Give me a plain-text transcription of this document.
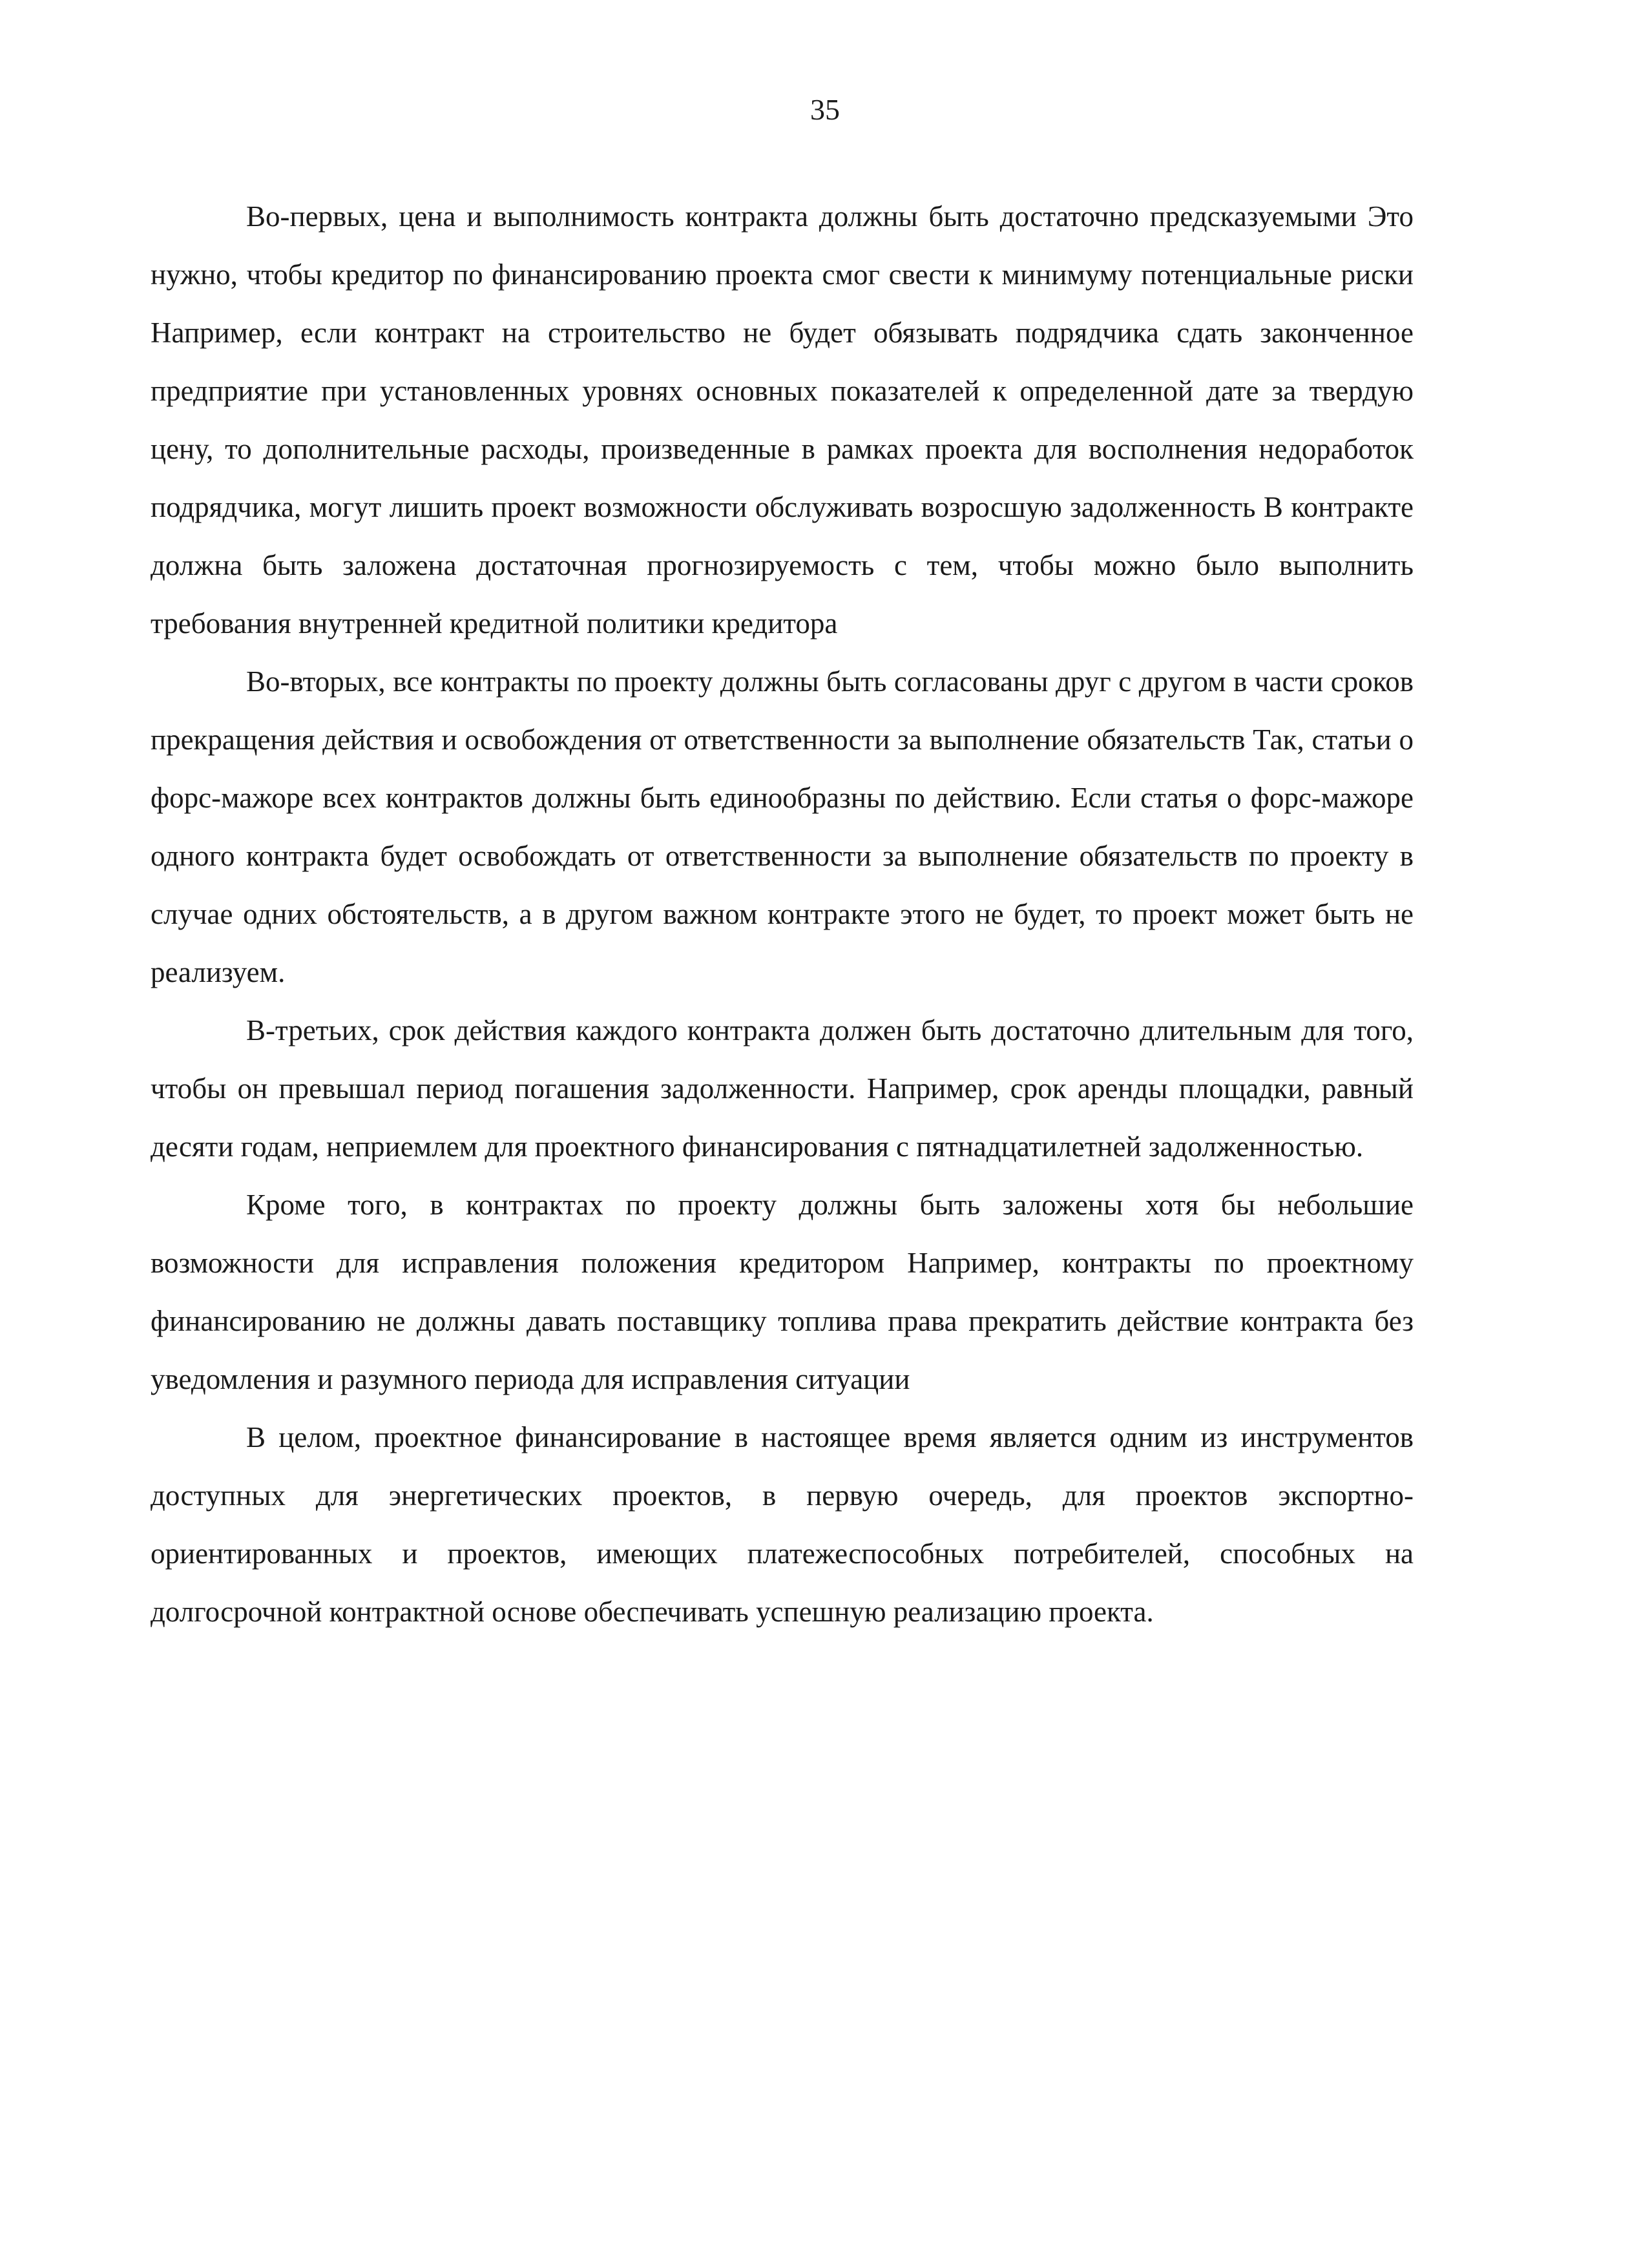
35

Во-первых, цена и выполнимость контракта должны быть достаточно предсказуемыми Это нужно, чтобы кредитор по финансированию проекта смог свести к минимуму потенциальные риски Например, если контракт на строительство не будет обязывать подрядчика сдать законченное предприятие при установленных уровнях основных показателей к определенной дате за твердую цену, то дополнительные расходы, произведенные в рамках проекта для восполнения недоработок подрядчика, могут лишить проект возможности обслуживать возросшую задолженность В контракте должна быть заложена достаточная прогнозируемость с тем, чтобы можно было выполнить требования внутренней кредитной политики кредитора

Во-вторых, все контракты по проекту должны быть согласованы друг с другом в части сроков прекращения действия и освобождения от ответственности за выполнение обязательств Так, статьи о форс-мажоре всех контрактов должны быть единообразны по действию. Если статья о форс-мажоре одного контракта будет освобождать от ответственности за выполнение обязательств по проекту в случае одних обстоятельств, а в другом важном контракте этого не будет, то проект может быть не реализуем.

В-третьих, срок действия каждого контракта должен быть достаточно длительным для того, чтобы он превышал период погашения задолженности. Например, срок аренды площадки, равный десяти годам, неприемлем для проектного финансирования с пятнадцатилетней задолженностью.

Кроме того, в контрактах по проекту должны быть заложены хотя бы небольшие возможности для исправления положения кредитором Например, контракты по проектному финансированию не должны давать поставщику топлива права прекратить действие контракта без уведомления и разумного периода для исправления ситуации

В целом, проектное финансирование в настоящее время является одним из инструментов доступных для энергетических проектов, в первую очередь, для проектов экспортно-ориентированных и проектов, имеющих платежеспособных потребителей, способных на долгосрочной контрактной основе обеспечивать успешную реализацию проекта.
